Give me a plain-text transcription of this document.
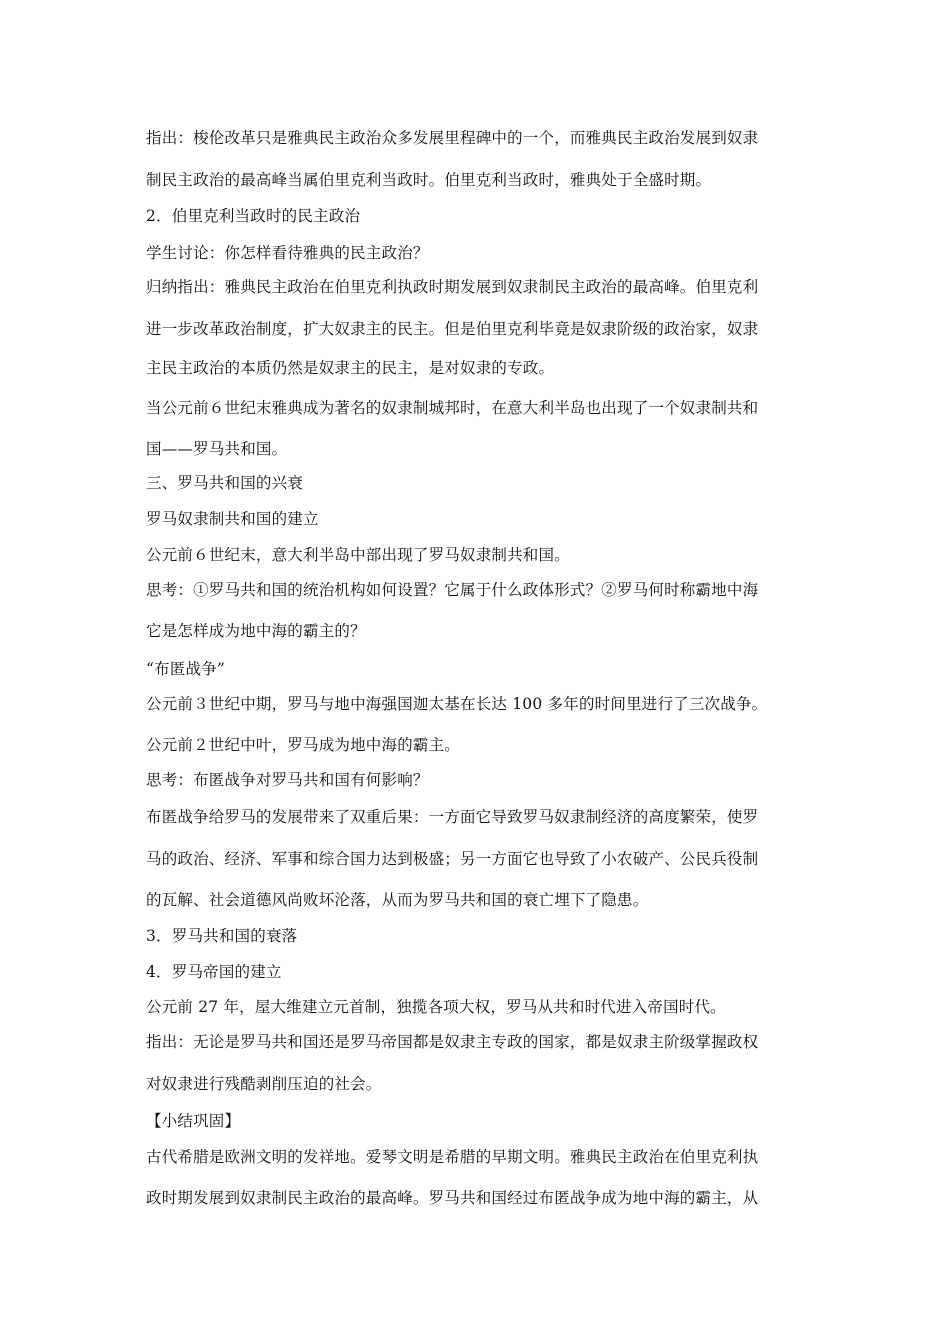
指出：梭伦改革只是雅典民主政治众多发展里程碑中的一个，而雅典民主政治发展到奴隶
制民主政治的最高峰当属伯里克利当政时。伯里克利当政时，雅典处于全盛时期。
2．伯里克利当政时的民主政治
学生讨论：你怎样看待雅典的民主政治？
归纳指出：雅典民主政治在伯里克利执政时期发展到奴隶制民主政治的最高峰。伯里克利
进一步改革政治制度，扩大奴隶主的民主。但是伯里克利毕竟是奴隶阶级的政治家，奴隶
主民主政治的本质仍然是奴隶主的民主，是对奴隶的专政。
当公元前６世纪末雅典成为著名的奴隶制城邦时，在意大利半岛也出现了一个奴隶制共和
国——罗马共和国。
三、罗马共和国的兴衰
罗马奴隶制共和国的建立
公元前６世纪末，意大利半岛中部出现了罗马奴隶制共和国。
思考：①罗马共和国的统治机构如何设置？它属于什么政体形式？②罗马何时称霸地中海
它是怎样成为地中海的霸主的？
“布匿战争”
公元前３世纪中期，罗马与地中海强国迦太基在长达 100 多年的时间里进行了三次战争。
公元前２世纪中叶，罗马成为地中海的霸主。
思考：布匿战争对罗马共和国有何影响？
布匿战争给罗马的发展带来了双重后果：一方面它导致罗马奴隶制经济的高度繁荣，使罗
马的政治、经济、军事和综合国力达到极盛；另一方面它也导致了小农破产、公民兵役制
的瓦解、社会道德风尚败坏沦落，从而为罗马共和国的衰亡埋下了隐患。
3．罗马共和国的衰落
4．罗马帝国的建立
公元前 27 年，屋大维建立元首制，独揽各项大权，罗马从共和时代进入帝国时代。
指出：无论是罗马共和国还是罗马帝国都是奴隶主专政的国家，都是奴隶主阶级掌握政权
对奴隶进行残酷剥削压迫的社会。
【小结巩固】
古代希腊是欧洲文明的发祥地。爱琴文明是希腊的早期文明。雅典民主政治在伯里克利执
政时期发展到奴隶制民主政治的最高峰。罗马共和国经过布匿战争成为地中海的霸主，从
